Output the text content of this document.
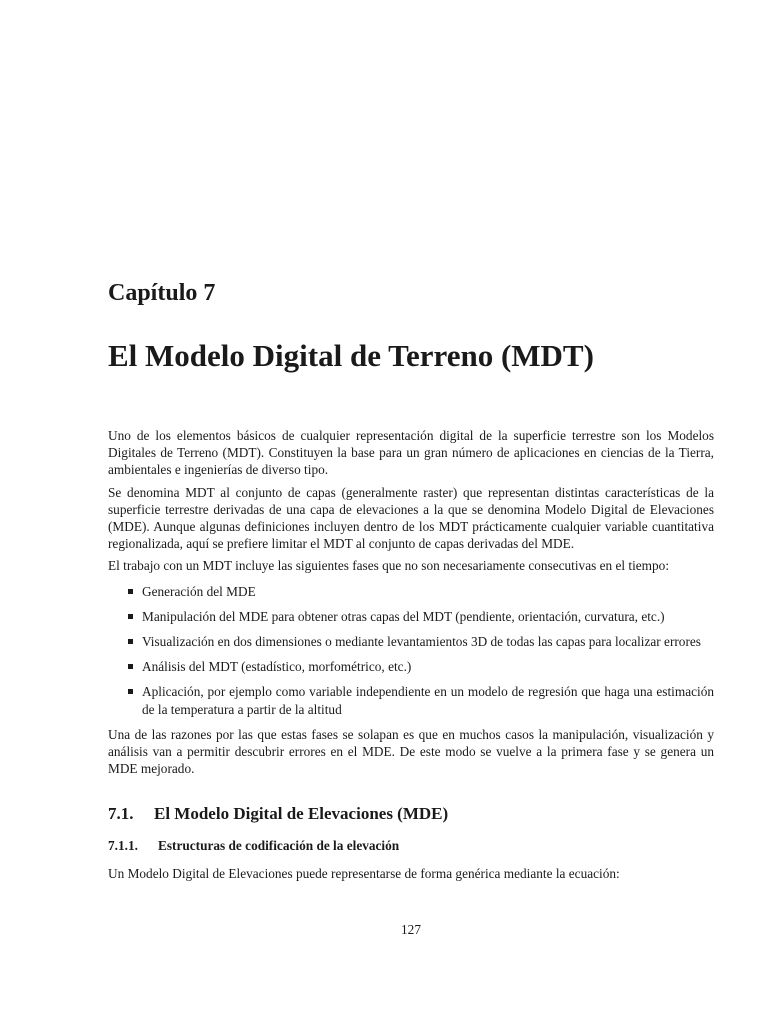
Capítulo 7
El Modelo Digital de Terreno (MDT)

Uno de los elementos básicos de cualquier representación digital de la superficie terrestre son los Modelos Digitales de Terreno (MDT). Constituyen la base para un gran número de aplicaciones en ciencias de la Tierra, ambientales e ingenierías de diverso tipo.

Se denomina MDT al conjunto de capas (generalmente raster) que representan distintas características de la superficie terrestre derivadas de una capa de elevaciones a la que se denomina Modelo Digital de Elevaciones (MDE). Aunque algunas definiciones incluyen dentro de los MDT prácticamente cualquier variable cuantitativa regionalizada, aquí se prefiere limitar el MDT al conjunto de capas derivadas del MDE.

El trabajo con un MDT incluye las siguientes fases que no son necesariamente consecutivas en el tiempo:

Generación del MDE
Manipulación del MDE para obtener otras capas del MDT (pendiente, orientación, curvatura, etc.)
Visualización en dos dimensiones o mediante levantamientos 3D de todas las capas para localizar errores
Análisis del MDT (estadístico, morfométrico, etc.)
Aplicación, por ejemplo como variable independiente en un modelo de regresión que haga una estimación de la temperatura a partir de la altitud

Una de las razones por las que estas fases se solapan es que en muchos casos la manipulación, visualización y análisis van a permitir descubrir errores en el MDE. De este modo se vuelve a la primera fase y se genera un MDE mejorado.

7.1. El Modelo Digital de Elevaciones (MDE)
7.1.1. Estructuras de codificación de la elevación

Un Modelo Digital de Elevaciones puede representarse de forma genérica mediante la ecuación:

127
